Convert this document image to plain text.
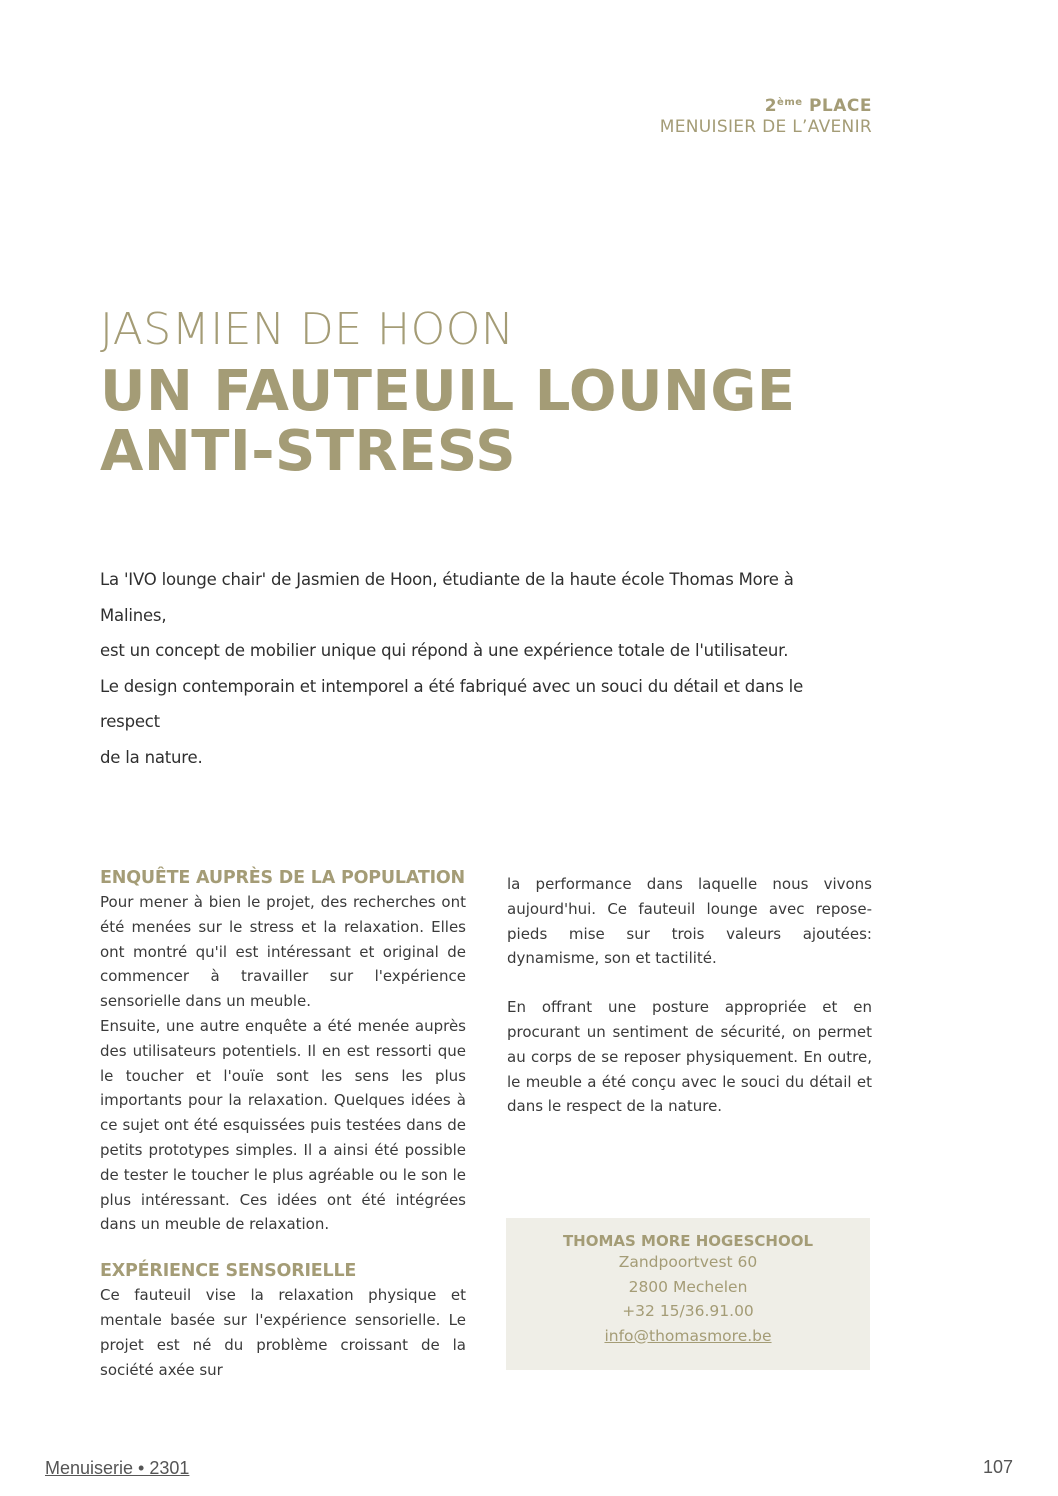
2ème PLACE
MENUISIER DE L’AVENIR
JASMIEN DE HOON
UN FAUTEUIL LOUNGE
ANTI-STRESS
La 'IVO lounge chair' de Jasmien de Hoon, étudiante de la haute école Thomas More à Malines,
est un concept de mobilier unique qui répond à une expérience totale de l'utilisateur.
Le design contemporain et intemporel a été fabriqué avec un souci du détail et dans le respect
de la nature.
ENQUÊTE AUPRÈS DE LA POPULATION

Pour mener à bien le projet, des recherches ont été menées sur le stress et la relaxation. Elles ont montré qu'il est intéressant et original de commencer à travailler sur l'expérience sensorielle dans un meuble.

Ensuite, une autre enquête a été menée auprès des utilisateurs potentiels. Il en est ressorti que le toucher et l'ouïe sont les sens les plus importants pour la relaxation. Quelques idées à ce sujet ont été esquissées puis testées dans de petits prototypes simples. Il a ainsi été possible de tester le toucher le plus agréable ou le son le plus intéressant. Ces idées ont été intégrées dans un meuble de relaxation.

EXPÉRIENCE SENSORIELLE

Ce fauteuil vise la relaxation physique et mentale basée sur l'expérience sensorielle. Le projet est né du problème croissant de la société axée sur

la performance dans laquelle nous vivons aujourd'hui. Ce fauteuil lounge avec repose-pieds mise sur trois valeurs ajoutées: dynamisme, son et tactilité.

En offrant une posture appropriée et en procurant un sentiment de sécurité, on permet au corps de se reposer physiquement. En outre, le meuble a été conçu avec le souci du détail et dans le respect de la nature.

THOMAS MORE HOGESCHOOL
Zandpoortvest 60
2800 Mechelen
+32 15/36.91.00
info@thomasmore.be
Menuiserie • 2301	107
